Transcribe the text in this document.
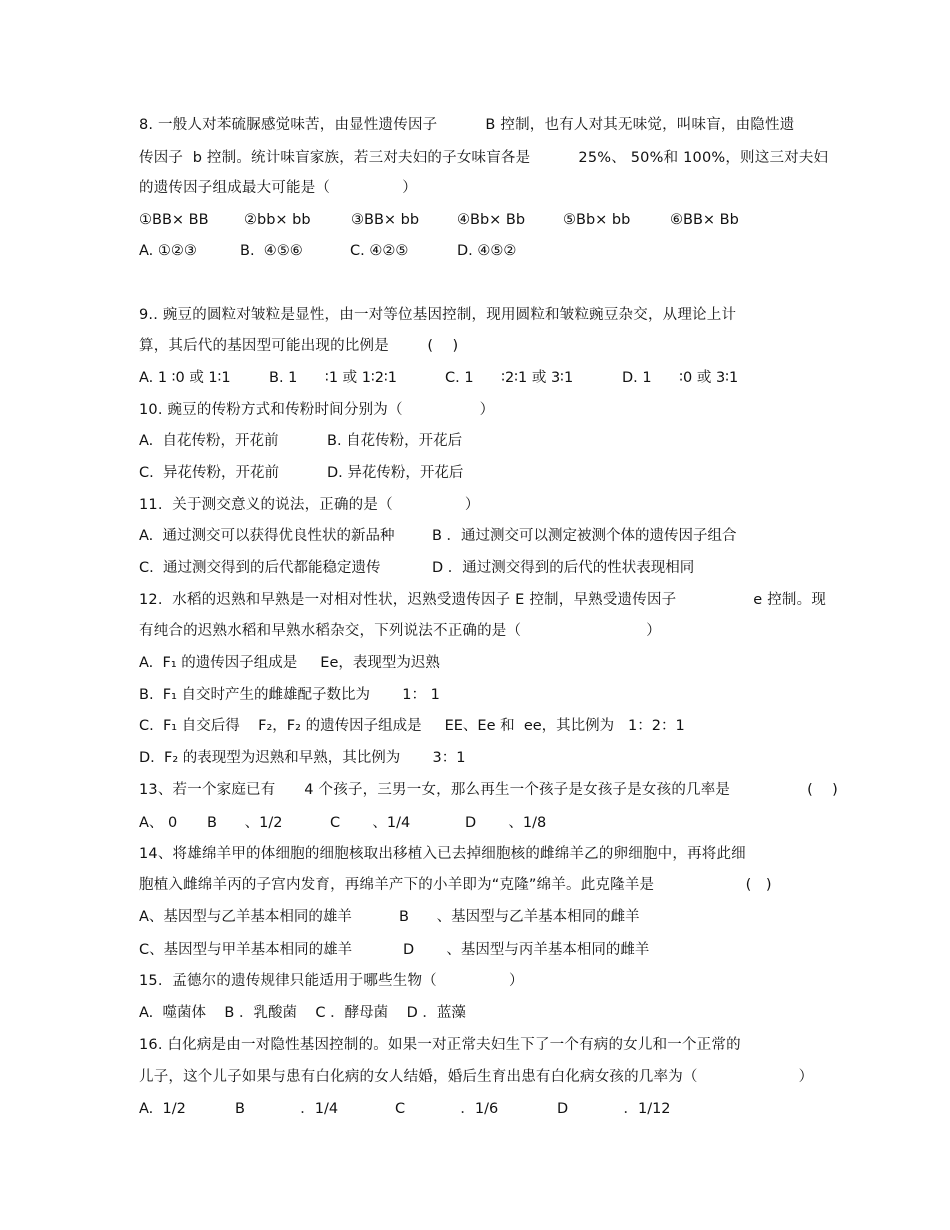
8. 一般人对苯硫脲感觉味苦，由显性遗传因子          B 控制，也有人对其无味觉，叫味盲，由隐性遗
传因子  b 控制。统计味盲家族，若三对夫妇的子女味盲各是          25%、 50%和 100%，则这三对夫妇
的遗传因子组成最大可能是（               ）
①BB× BB ②bb× bb	③BB× bb	④Bb× Bb	⑤Bb× bb	⑥BB× Bb
A. ①②③	B.  ④⑤⑥	C. ④②⑤	D. ④⑤②
9.. 豌豆的圆粒对皱粒是显性，由一对等位基因控制，现用圆粒和皱粒豌豆杂交，从理论上计
算，其后代的基因型可能出现的比例是        (    )
A. 1 ∶0 或 1∶1	B. 1      ∶1 或 1∶2∶1	C. 1      ∶2∶1 或 3∶1	D. 1      ∶0 或 3∶1
10. 豌豆的传粉方式和传粉时间分别为（                ）
A.  自花传粉，开花前	B. 自花传粉，开花后
C.  异花传粉，开花前	D. 异花传粉，开花后
11.  关于测交意义的说法，正确的是（               ）
A.  通过测交可以获得优良性状的新品种	B ．通过测交可以测定被测个体的遗传因子组合
C.  通过测交得到的后代都能稳定遗传	D ．通过测交得到的后代的性状表现相同
12.  水稻的迟熟和早熟是一对相对性状，迟熟受遗传因子 E 控制，早熟受遗传因子                e 控制。现
有纯合的迟熟水稻和早熟水稻杂交，下列说法不正确的是（                          ）
A.  F₁ 的遗传因子组成是     Ee，表现型为迟熟
B.  F₁ 自交时产生的雌雄配子数比为       1： 1
C.  F₁ 自交后得    F₂，F₂ 的遗传因子组成是     EE、Ee 和  ee，其比例为   1：2：1
D.  F₂ 的表现型为迟熟和早熟，其比例为       3：1
13、若一个家庭已有      4 个孩子，三男一女，那么再生一个孩子是女孩子是女孩的几率是                (    )
A、 0 B      、1/2	C       、1/4	D       、1/8
14、将雄绵羊甲的体细胞的细胞核取出移植入已去掉细胞核的雌绵羊乙的卵细胞中，再将此细
胞植入雌绵羊丙的子宫内发育，再绵羊产下的小羊即为“克隆”绵羊。此克隆羊是                   (   )
A、基因型与乙羊基本相同的雄羊	B      、基因型与乙羊基本相同的雌羊
C、基因型与甲羊基本相同的雄羊	D       、基因型与丙羊基本相同的雌羊
15.  孟德尔的遗传规律只能适用于哪些生物（               ）
A.  噬菌体    B ．乳酸菌    C ．酵母菌    D ．蓝藻
16. 白化病是由一对隐性基因控制的。如果一对正常夫妇生下了一个有病的女儿和一个正常的
儿子，这个儿子如果与患有白化病的女人结婚，婚后生育出患有白化病女孩的几率为（                     ）
A.  1/2	B            ．1/4	C            ．1/6	D            ．1/12
